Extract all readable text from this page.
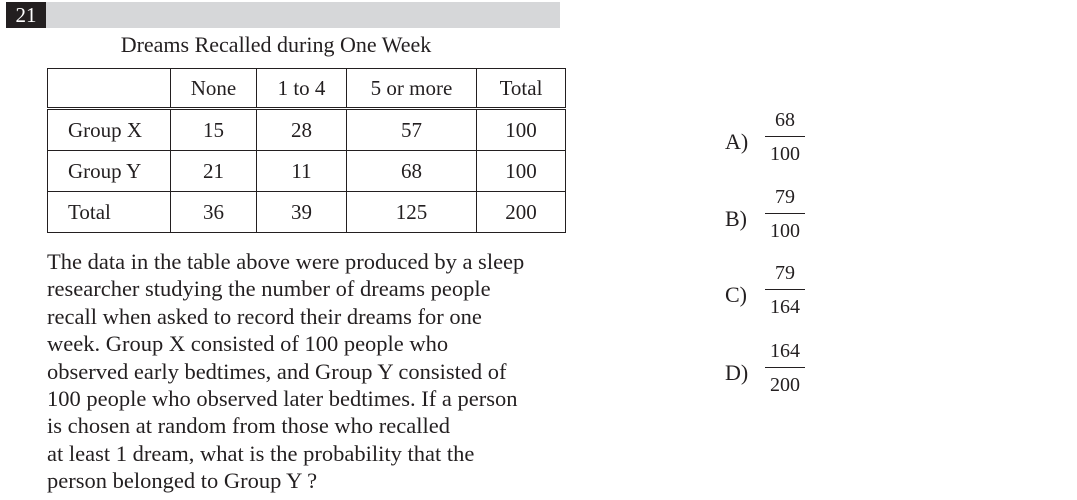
21
Dreams Recalled during One Week
	None	1 to 4	5 or more	Total
Group X	15	28	57	100
Group Y	21	11	68	100
Total	36	39	125	200
The data in the table above were produced by a sleep
researcher studying the number of dreams people
recall when asked to record their dreams for one
week. Group X consisted of 100 people who
observed early bedtimes, and Group Y consisted of
100 people who observed later bedtimes. If a person
is chosen at random from those who recalled
at least 1 dream, what is the probability that the
person belonged to Group Y ?
A)
68
100
B)
79
100
C)
79
164
D)
164
200
